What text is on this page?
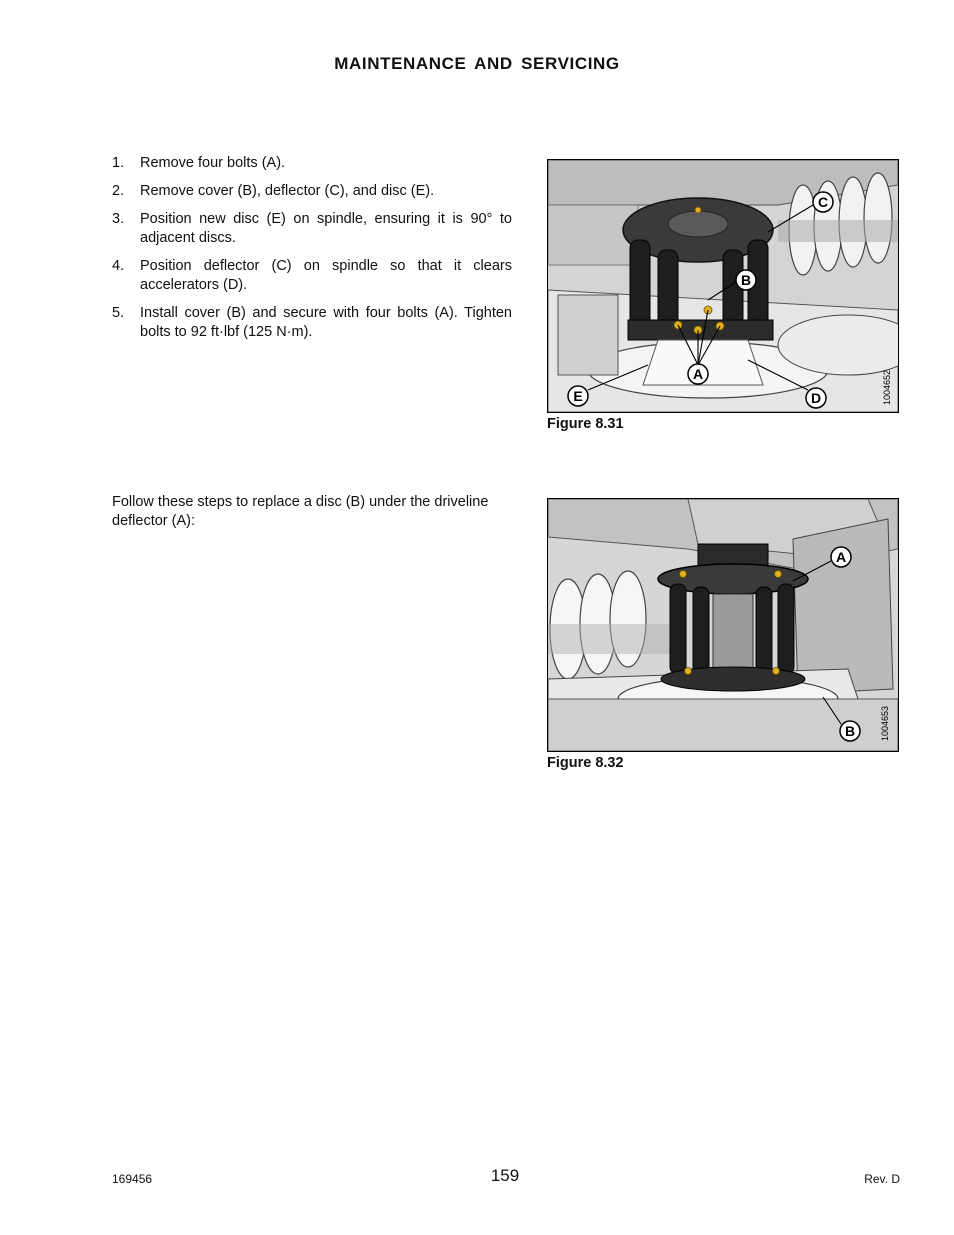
MAINTENANCE AND SERVICING
1. Remove four bolts (A).
2. Remove cover (B), deflector (C), and disc (E).
3. Position new disc (E) on spindle, ensuring it is 90° to adjacent discs.
4. Position deflector (C) on spindle so that it clears accelerators (D).
5. Install cover (B) and secure with four bolts (A). Tighten bolts to 92 ft·lbf (125 N·m).
Follow these steps to replace a disc (B) under the driveline deflector (A):
C
B
A
E	D	1004652
Figure 8.31
A
B	1004653
Figure 8.32
169456	159	Rev. D
